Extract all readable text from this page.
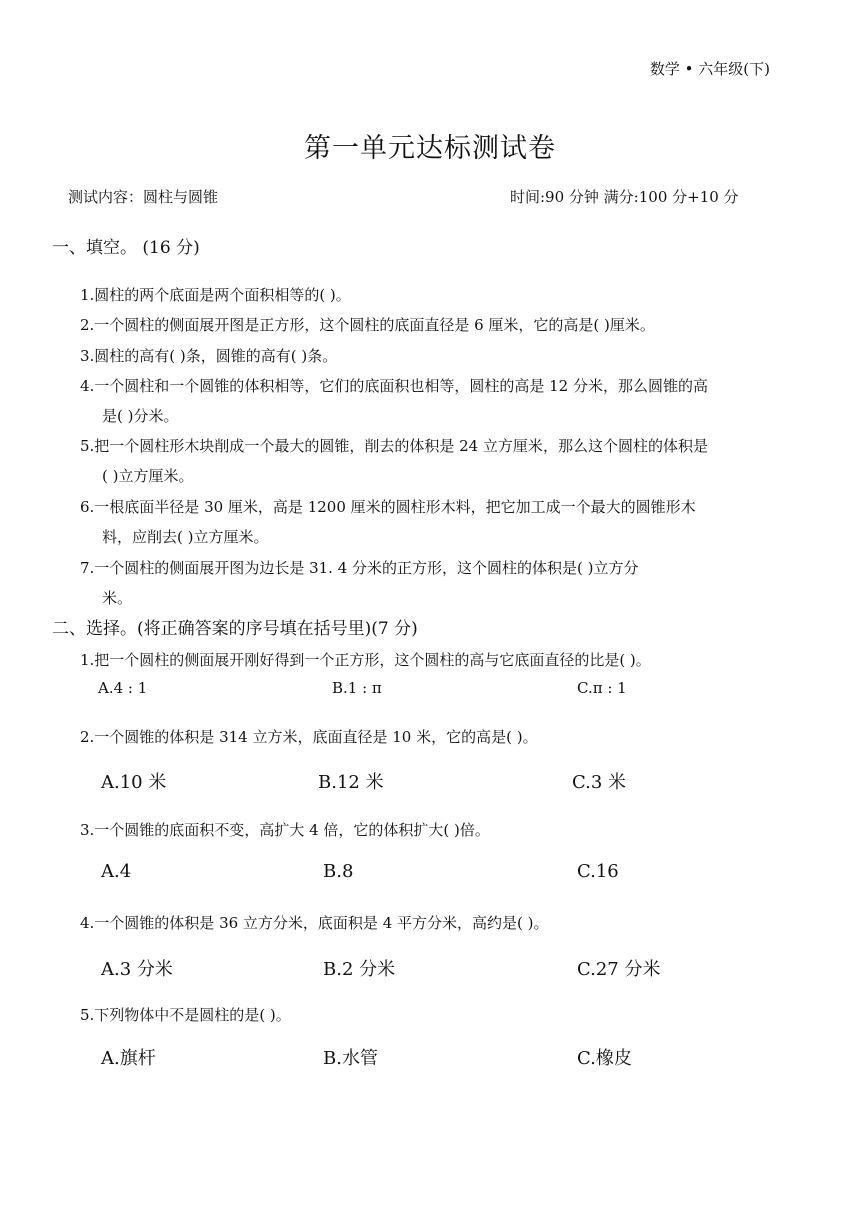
数学 • 六年级(下)
第一单元达标测试卷
测试内容：圆柱与圆锥	时间:90 分钟 满分:100 分+10 分
一、填空。 (16 分)
1.圆柱的两个底面是两个面积相等的( )。
2.一个圆柱的侧面展开图是正方形，这个圆柱的底面直径是 6 厘米，它的高是( )厘米。
3.圆柱的高有( )条，圆锥的高有( )条。
4.一个圆柱和一个圆锥的体积相等，它们的底面积也相等，圆柱的高是 12 分米，那么圆锥的高
是( )分米。
5.把一个圆柱形木块削成一个最大的圆锥，削去的体积是 24 立方厘米，那么这个圆柱的体积是
( )立方厘米。
6.一根底面半径是 30 厘米，高是 1200 厘米的圆柱形木料，把它加工成一个最大的圆锥形木
料，应削去( )立方厘米。
7.一个圆柱的侧面展开图为边长是 31. 4 分米的正方形，这个圆柱的体积是( )立方分
米。
二、选择。(将正确答案的序号填在括号里)(7 分)
1.把一个圆柱的侧面展开刚好得到一个正方形，这个圆柱的高与它底面直径的比是( )。
A.4 : 1	B.1 : π	C.π : 1
2.一个圆锥的体积是 314 立方米，底面直径是 10 米，它的高是( )。
A.10 米	B.12 米	C.3 米
3.一个圆锥的底面积不变，高扩大 4 倍，它的体积扩大( )倍。
A.4	B.8	C.16
4.一个圆锥的体积是 36 立方分米，底面积是 4 平方分米，高约是( )。
A.3 分米	B.2 分米	C.27 分米
5.下列物体中不是圆柱的是( )。
A.旗杆	B.水管	C.橡皮
